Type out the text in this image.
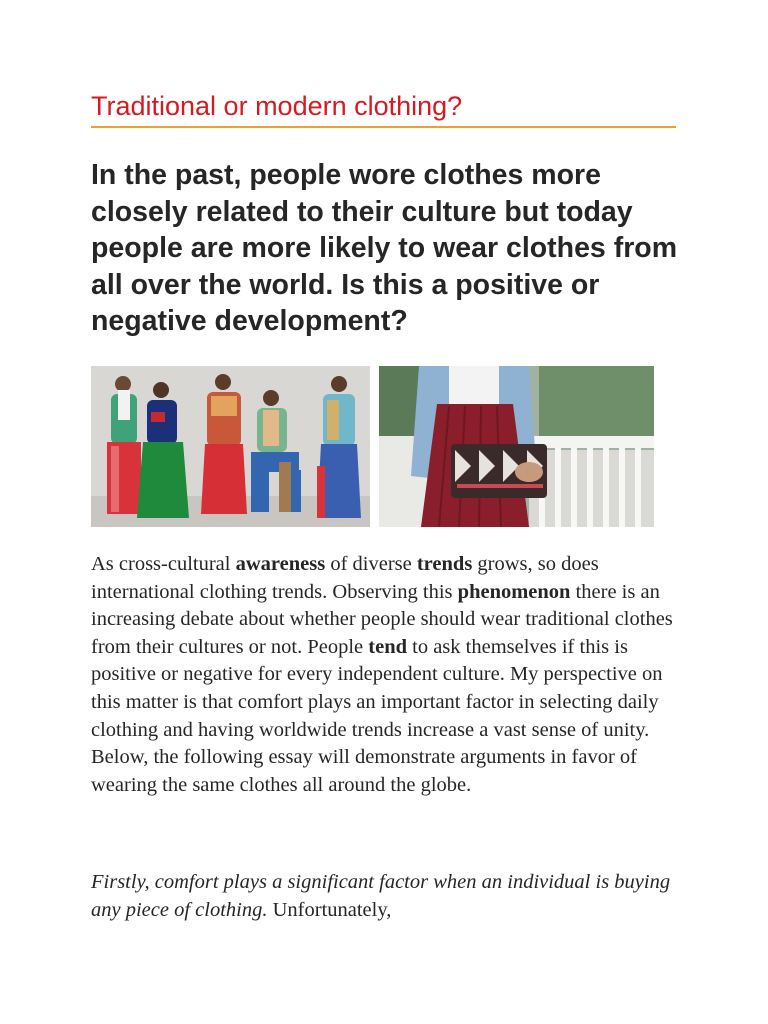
Traditional or modern clothing?

In the past, people wore clothes more closely related to their culture but today people are more likely to wear clothes from all over the world. Is this a positive or negative development?

As cross-cultural awareness of diverse trends grows, so does international clothing trends. Observing this phenomenon there is an increasing debate about whether people should wear traditional clothes from their cultures or not. People tend to ask themselves if this is positive or negative for every independent culture. My perspective on this matter is that comfort plays an important factor in selecting daily clothing and having worldwide trends increase a vast sense of unity. Below, the following essay will demonstrate arguments in favor of wearing the same clothes all around the globe.

Firstly, comfort plays a significant factor when an individual is buying any piece of clothing. Unfortunately,
